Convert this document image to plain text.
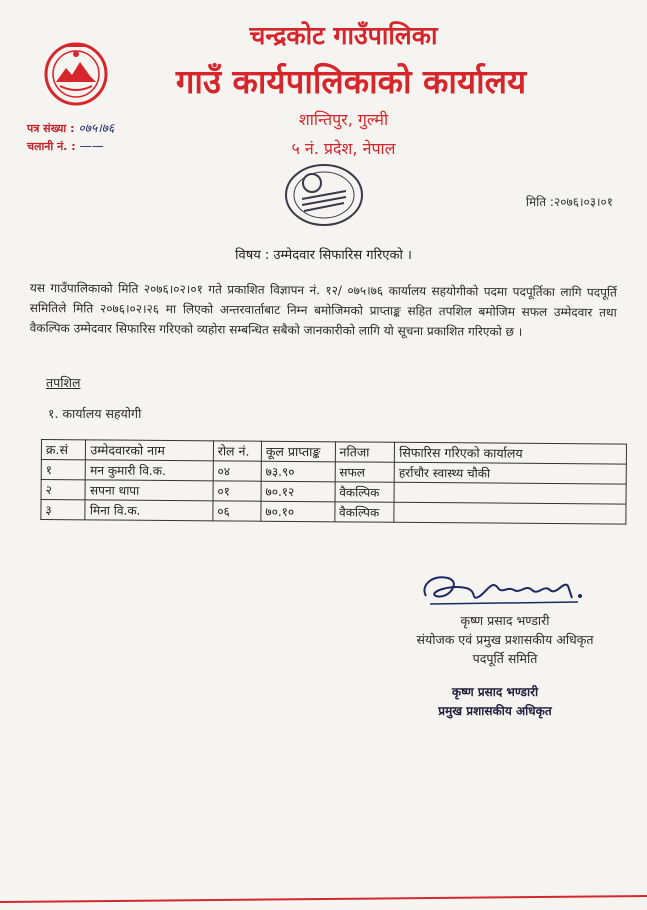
चन्द्रकोट गाउँपालिका
गाउँ कार्यपालिकाको कार्यालय
शान्तिपुर, गुल्मी
५ नं. प्रदेश, नेपाल
पत्र संख्या : ०७५।७६
चलानी नं. : ——
मिति :२०७६।०३।०१
विषय : उम्मेदवार सिफारिस गरिएको ।
यस गाउँपालिकाको मिति २०७६।०२।०१ गते प्रकाशित विज्ञापन नं. १२/ ०७५।७६ कार्यालय सहयोगीको पदमा पदपूर्तिका लागि पदपूर्ति समितिले मिति २०७६।०२।२६ मा लिएको अन्तरवार्ताबाट निम्न बमोजिमको प्राप्ताङ्क सहित तपशिल बमोजिम सफल उम्मेदवार तथा वैकल्पिक उम्मेदवार सिफारिस गरिएको व्यहोरा सम्बन्धित सबैको जानकारीको लागि यो सूचना प्रकाशित गरिएको छ ।
तपशिल
१. कार्यालय सहयोगी
क्र.सं	उम्मेदवारको नाम	रोल नं.	कूल प्राप्ताङ्क	नतिजा	सिफारिस गरिएको कार्यालय
१	मन कुमारी वि.क.	०४	७३.९०	सफल	हर्राचौर स्वास्थ्य चौकी
२	सपना थापा	०१	७०.१२	वैकल्पिक	
३	मिना वि.क.	०६	७०.१०	वैकल्पिक	
कृष्ण प्रसाद भण्डारी
संयोजक एवं प्रमुख प्रशासकीय अधिकृत
पदपूर्ति समिति
कृष्ण प्रसाद भण्डारी
प्रमुख प्रशासकीय अधिकृत
